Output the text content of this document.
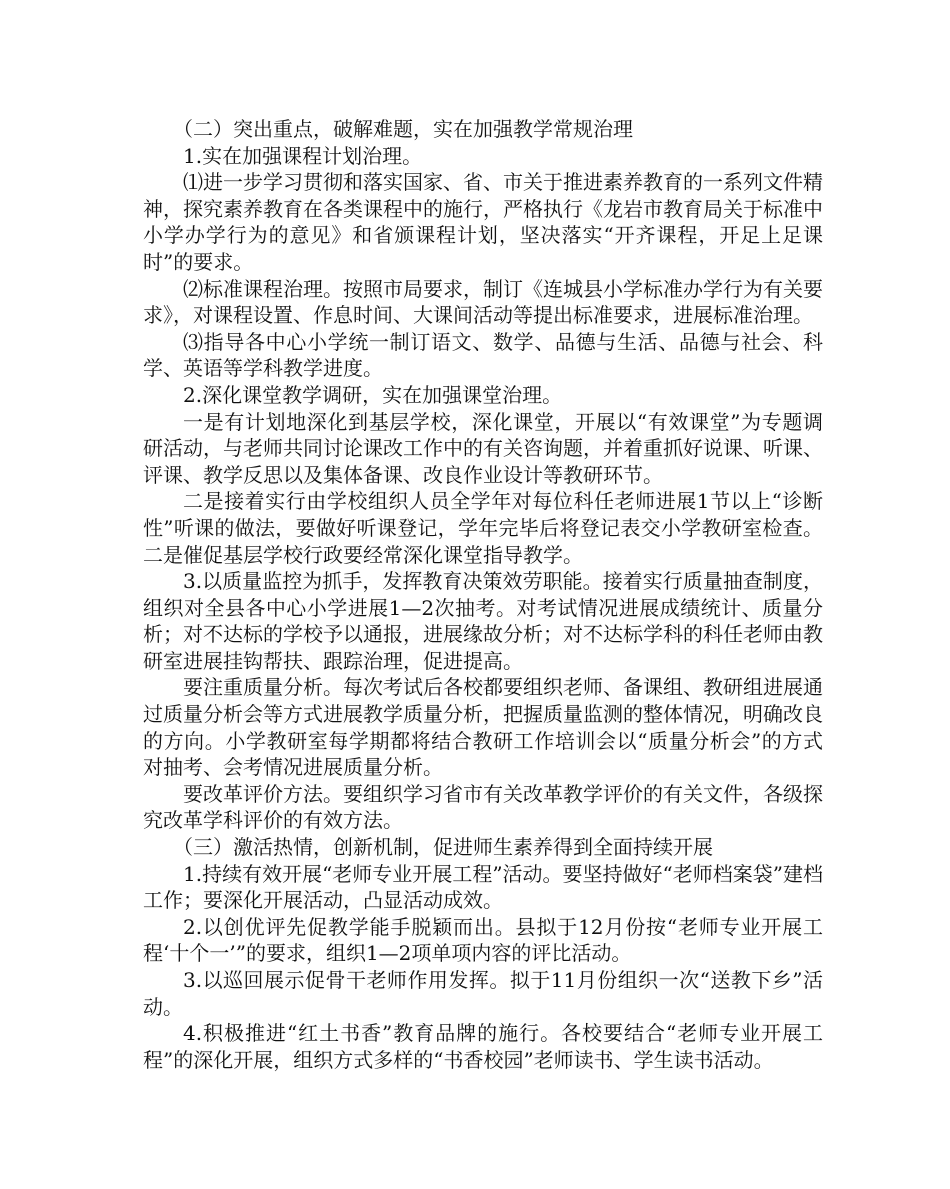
（二）突出重点，破解难题，实在加强教学常规治理

1.实在加强课程计划治理。

⑴进一步学习贯彻和落实国家、省、市关于推进素养教育的一系列文件精神，探究素养教育在各类课程中的施行，严格执行《龙岩市教育局关于标准中小学办学行为的意见》和省颁课程计划，坚决落实“开齐课程，开足上足课时”的要求。

⑵标准课程治理。按照市局要求，制订《连城县小学标准办学行为有关要求》，对课程设置、作息时间、大课间活动等提出标准要求，进展标准治理。

⑶指导各中心小学统一制订语文、数学、品德与生活、品德与社会、科学、英语等学科教学进度。

2.深化课堂教学调研，实在加强课堂治理。

一是有计划地深化到基层学校，深化课堂，开展以“有效课堂”为专题调研活动，与老师共同讨论课改工作中的有关咨询题，并着重抓好说课、听课、评课、教学反思以及集体备课、改良作业设计等教研环节。

二是接着实行由学校组织人员全学年对每位科任老师进展1节以上“诊断性”听课的做法，要做好听课登记，学年完毕后将登记表交小学教研室检查。二是催促基层学校行政要经常深化课堂指导教学。

3.以质量监控为抓手，发挥教育决策效劳职能。接着实行质量抽查制度，组织对全县各中心小学进展1—2次抽考。对考试情况进展成绩统计、质量分析；对不达标的学校予以通报，进展缘故分析；对不达标学科的科任老师由教研室进展挂钩帮扶、跟踪治理，促进提高。

要注重质量分析。每次考试后各校都要组织老师、备课组、教研组进展通过质量分析会等方式进展教学质量分析，把握质量监测的整体情况，明确改良的方向。小学教研室每学期都将结合教研工作培训会以“质量分析会”的方式对抽考、会考情况进展质量分析。

要改革评价方法。要组织学习省市有关改革教学评价的有关文件，各级探究改革学科评价的有效方法。

（三）激活热情，创新机制，促进师生素养得到全面持续开展

1.持续有效开展“老师专业开展工程”活动。要坚持做好“老师档案袋”建档工作；要深化开展活动，凸显活动成效。

2.以创优评先促教学能手脱颖而出。县拟于12月份按“老师专业开展工程‘十个一’”的要求，组织1—2项单项内容的评比活动。

3.以巡回展示促骨干老师作用发挥。拟于11月份组织一次“送教下乡”活动。

4.积极推进“红土书香”教育品牌的施行。各校要结合“老师专业开展工程”的深化开展，组织方式多样的“书香校园”老师读书、学生读书活动。
